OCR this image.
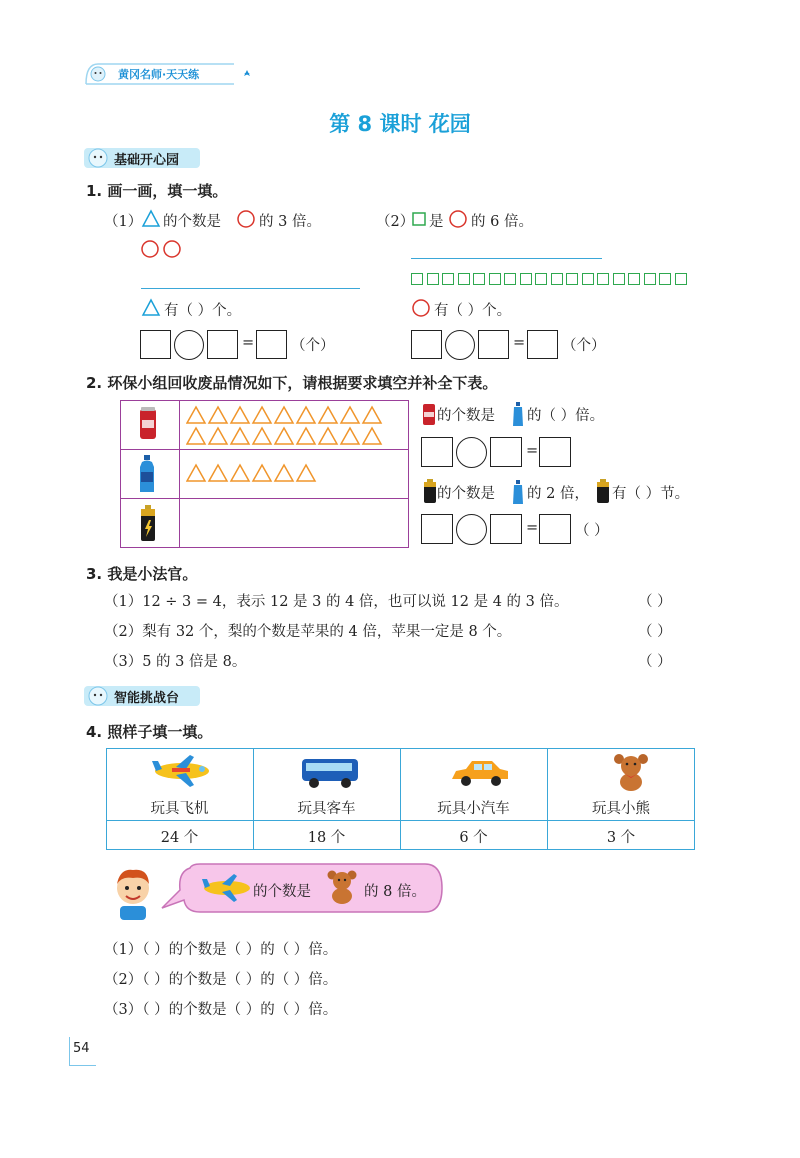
黄冈名师·天天练
第 8 课时 花园
基础开心园
1. 画一画，填一填。
（1） 的个数是	的 3 倍。	（2） 是 的 6 倍。
有（ ）个。	有（ ）个。
=	（个）	=	（个）
2. 环保小组回收废品情况如下，请根据要求填空并补全下表。
的个数是 的（ ）倍。
=
的个数是 的 2 倍， 有（ ）节。
=	（ ）
3. 我是小法官。
（1）12 ÷ 3 = 4，表示 12 是 3 的 4 倍，也可以说 12 是 4 的 3 倍。	（ ）
（2）梨有 32 个，梨的个数是苹果的 4 倍，苹果一定是 8 个。	（ ）
（3）5 的 3 倍是 8。	（ ）
智能挑战台
4. 照样子填一填。
玩具飞机	玩具客车	玩具小汽车	玩具小熊
24 个	18 个	6 个	3 个
的个数是	的 8 倍。
（1）（ ）的个数是（ ）的（ ）倍。
（2）（ ）的个数是（ ）的（ ）倍。
（3）（ ）的个数是（ ）的（ ）倍。
54
